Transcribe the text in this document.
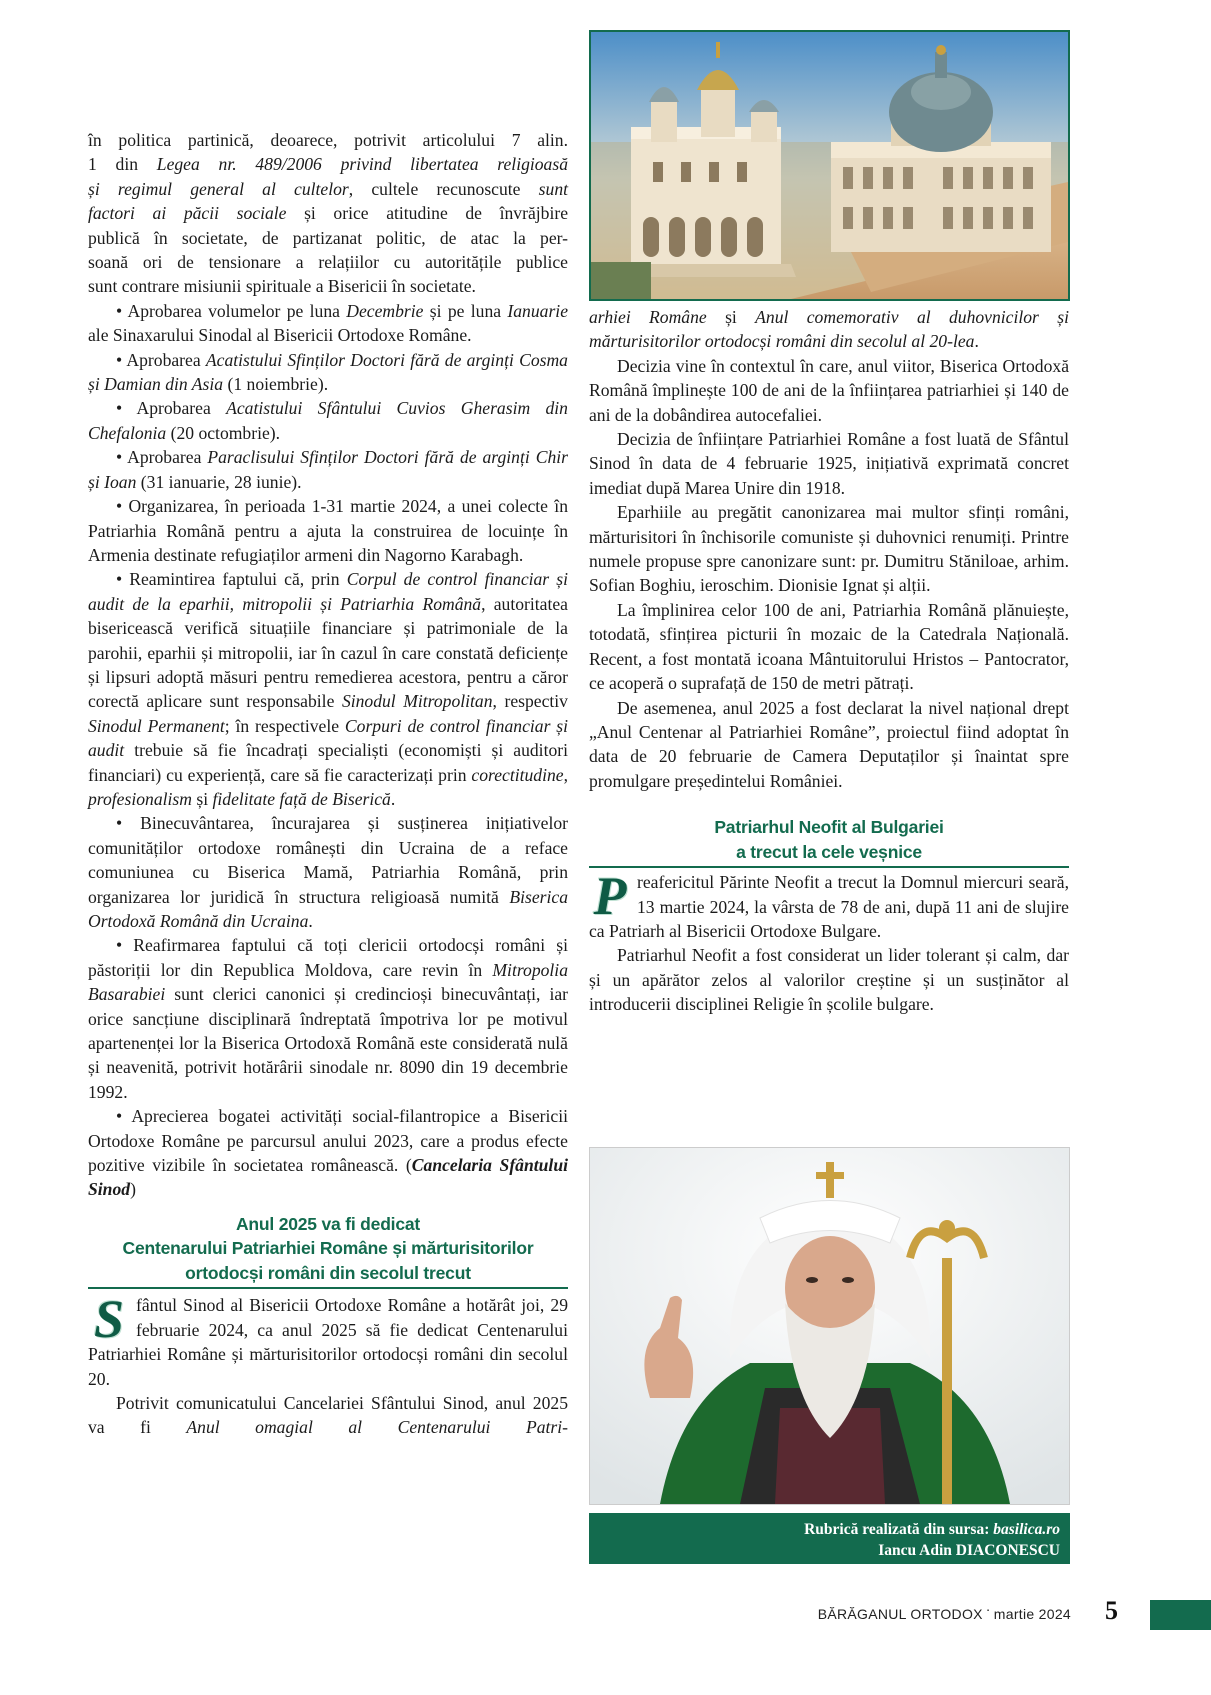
în politica partinică, deoarece, potrivit articolului 7 alin.
1 din Legea nr. 489/2006 privind libertatea religioasă
și regimul general al cultelor, cultele recunoscute sunt
factori ai păcii sociale și orice atitudine de învrăjbire
publică în societate, de partizanat politic, de atac la per-
soană ori de tensionare a relațiilor cu autoritățile publice
sunt contrare misiunii spirituale a Bisericii în societate.

• Aprobarea volumelor pe luna Decembrie și pe luna Ianuarie ale Sinaxarului Sinodal al Bisericii Ortodoxe Române.

• Aprobarea Acatistului Sfinților Doctori fără de arginți Cosma și Damian din Asia (1 noiembrie).

• Aprobarea Acatistului Sfântului Cuvios Gherasim din Chefalonia (20 octombrie).

• Aprobarea Paraclisului Sfinților Doctori fără de arginți Chir și Ioan (31 ianuarie, 28 iunie).

• Organizarea, în perioada 1-31 martie 2024, a unei colecte în Patriarhia Română pentru a ajuta la construirea de locuințe în Armenia destinate refugiaților armeni din Nagorno Karabagh.

• Reamintirea faptului că, prin Corpul de control financiar și audit de la eparhii, mitropolii și Patriarhia Română, autoritatea bisericească verifică situațiile financiare și patrimoniale de la parohii, eparhii și mitropolii, iar în cazul în care constată deficiențe și lipsuri adoptă măsuri pentru remedierea acestora, pentru a căror corectă aplicare sunt responsabile Sinodul Mitropolitan, respectiv Sinodul Permanent; în respectivele Corpuri de control financiar și audit trebuie să fie încadrați specialiști (economiști și auditori financiari) cu experiență, care să fie caracterizați prin corectitudine, profesionalism și fidelitate față de Biserică.

• Binecuvântarea, încurajarea și susținerea inițiativelor comunităților ortodoxe românești din Ucraina de a reface comuniunea cu Biserica Mamă, Patriarhia Română, prin organizarea lor juridică în structura religioasă numită Biserica Ortodoxă Română din Ucraina.

• Reafirmarea faptului că toți clericii ortodocși români și păstoriții lor din Republica Moldova, care revin în Mitropolia Basarabiei sunt clerici canonici și credincioși binecuvântați, iar orice sancțiune disciplinară îndreptată împotriva lor pe motivul apartenenței lor la Biserica Ortodoxă Română este considerată nulă și neavenită, potrivit hotărârii sinodale nr. 8090 din 19 decembrie 1992.

• Aprecierea bogatei activități social-filantropice a Bisericii Ortodoxe Române pe parcursul anului 2023, care a produs efecte pozitive vizibile în societatea românească. (Cancelaria Sfântului Sinod)

Anul 2025 va fi dedicat
Centenarului Patriarhiei Române și mărturisitorilor
ortodocși români din secolul trecut

Sfântul Sinod al Bisericii Ortodoxe Române a hotărât joi, 29 februarie 2024, ca anul 2025 să fie dedicat Centenarului Patriarhiei Române și mărturisitorilor ortodocși români din secolul 20.

Potrivit comunicatului Cancelariei Sfântului Sinod, anul 2025 va fi Anul omagial al Centenarului Patri-

arhiei Române și Anul comemorativ al duhovnicilor și mărturisitorilor ortodocși români din secolul al 20-lea.

Decizia vine în contextul în care, anul viitor, Biserica Ortodoxă Română împlinește 100 de ani de la înființarea patriarhiei și 140 de ani de la dobândirea autocefaliei.

Decizia de înființare Patriarhiei Române a fost luată de Sfântul Sinod în data de 4 februarie 1925, inițiativă exprimată concret imediat după Marea Unire din 1918.

Eparhiile au pregătit canonizarea mai multor sfinți români, mărturisitori în închisorile comuniste și duhovnici renumiți. Printre numele propuse spre canonizare sunt: pr. Dumitru Stăniloae, arhim. Sofian Boghiu, ieroschim. Dionisie Ignat și alții.

La împlinirea celor 100 de ani, Patriarhia Română plănuiește, totodată, sfințirea picturii în mozaic de la Catedrala Națională. Recent, a fost montată icoana Mântuitorului Hristos – Pantocrator, ce acoperă o suprafață de 150 de metri pătrați.

De asemenea, anul 2025 a fost declarat la nivel național drept „Anul Centenar al Patriarhiei Române”, proiectul fiind adoptat în data de 20 februarie de Camera Deputaților și înaintat spre promulgare președintelui României.

Patriarhul Neofit al Bulgariei
a trecut la cele veșnice

Preafericitul Părinte Neofit a trecut la Domnul miercuri seară, 13 martie 2024, la vârsta de 78 de ani, după 11 ani de slujire ca Patriarh al Bisericii Ortodoxe Bulgare.

Patriarhul Neofit a fost considerat un lider tolerant și calm, dar și un apărător zelos al valorilor creștine și un susținător al introducerii disciplinei Religie în școlile bulgare.

Rubrică realizată din sursa: basilica.ro
Iancu Adin DIACONESCU
BĂRĂGANUL ORTODOX · martie 2024 5
